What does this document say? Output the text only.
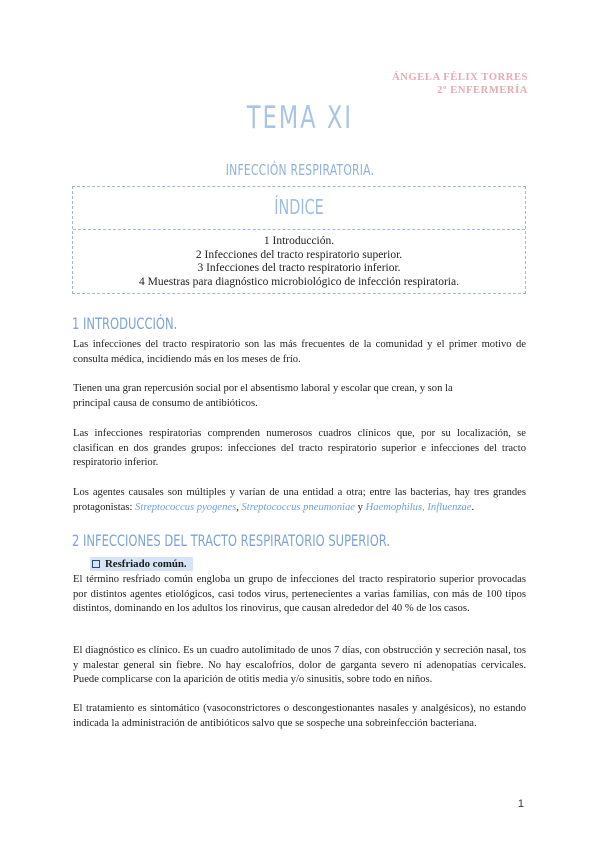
ÁNGELA FÉLIX TORRES
2º ENFERMERÍA
TEMA XI
INFECCIÓN RESPIRATORIA.
ÍNDICE
1 Introducción.
2 Infecciones del tracto respiratorio superior.
3 Infecciones del tracto respiratorio inferior.
4 Muestras para diagnóstico microbiológico de infección respiratoria.
1 INTRODUCCIÓN.
Las infecciones del tracto respiratorio son las más frecuentes de la comunidad y el primer motivo de consulta médica, incidiendo más en los meses de frío.
Tienen una gran repercusión social por el absentismo laboral y escolar que crean, y son la
principal causa de consumo de antibióticos.
Las infecciones respiratorias comprenden numerosos cuadros clínicos que, por su localización, se clasifican en dos grandes grupos: infecciones del tracto respiratorio superior e infecciones del tracto respiratorio inferior.
Los agentes causales son múltiples y varían de una entidad a otra; entre las bacterias, hay tres grandes protagonistas: Streptococcus pyogenes, Streptococcus pneumoniae y Haemophilus, Influenzae.
2 INFECCIONES DEL TRACTO RESPIRATORIO SUPERIOR.
Resfriado común.
El término resfriado común engloba un grupo de infecciones del tracto respiratorio superior provocadas por distintos agentes etiológicos, casi todos virus, pertenecientes a varias familias, con más de 100 tipos distintos, dominando en los adultos los rinovirus, que causan alrededor del 40 % de los casos.
El diagnóstico es clínico. Es un cuadro autolimitado de unos 7 días, con obstrucción y secreción nasal, tos y malestar general sin fiebre. No hay escalofríos, dolor de garganta severo ni adenopatías cervicales. Puede complicarse con la aparición de otitis media y/o sinusitis, sobre todo en niños.
El tratamiento es sintomático (vasoconstrictores o descongestionantes nasales y analgésicos), no estando indicada la administración de antibióticos salvo que se sospeche una sobreinfección bacteriana.
1
